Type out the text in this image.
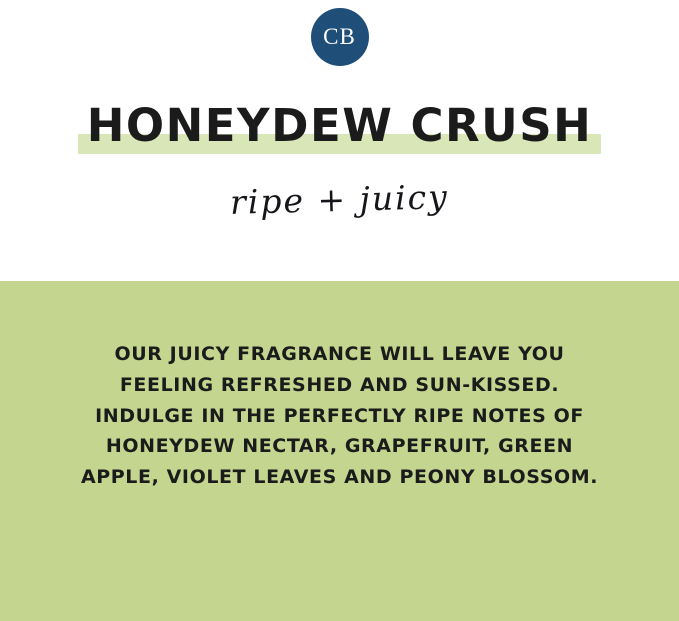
CB
HONEYDEW CRUSH
ripe + juicy
OUR JUICY FRAGRANCE WILL LEAVE YOU FEELING REFRESHED AND SUN-KISSED. INDULGE IN THE PERFECTLY RIPE NOTES OF HONEYDEW NECTAR, GRAPEFRUIT, GREEN APPLE, VIOLET LEAVES AND PEONY BLOSSOM.
